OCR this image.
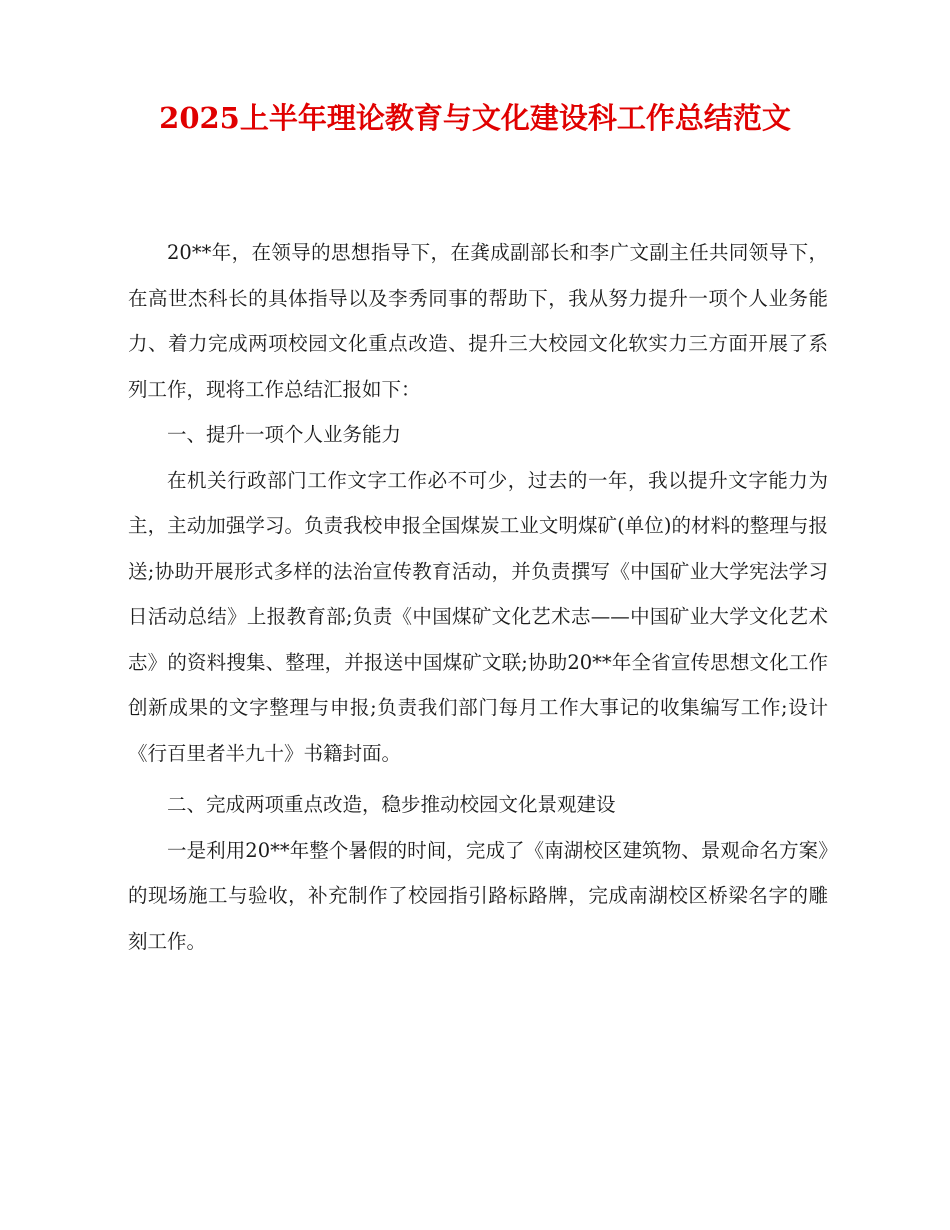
2025上半年理论教育与文化建设科工作总结范文

20**年，在领导的思想指导下，在龚成副部长和李广文副主任共同领导下，在高世杰科长的具体指导以及李秀同事的帮助下，我从努力提升一项个人业务能力、着力完成两项校园文化重点改造、提升三大校园文化软实力三方面开展了系列工作，现将工作总结汇报如下：

一、提升一项个人业务能力

在机关行政部门工作文字工作必不可少，过去的一年，我以提升文字能力为主，主动加强学习。负责我校申报全国煤炭工业文明煤矿(单位)的材料的整理与报送;协助开展形式多样的法治宣传教育活动，并负责撰写《中国矿业大学宪法学习日活动总结》上报教育部;负责《中国煤矿文化艺术志——中国矿业大学文化艺术志》的资料搜集、整理，并报送中国煤矿文联;协助20**年全省宣传思想文化工作创新成果的文字整理与申报;负责我们部门每月工作大事记的收集编写工作;设计《行百里者半九十》书籍封面。

二、完成两项重点改造，稳步推动校园文化景观建设

一是利用20**年整个暑假的时间，完成了《南湖校区建筑物、景观命名方案》的现场施工与验收，补充制作了校园指引路标路牌，完成南湖校区桥梁名字的雕刻工作。
